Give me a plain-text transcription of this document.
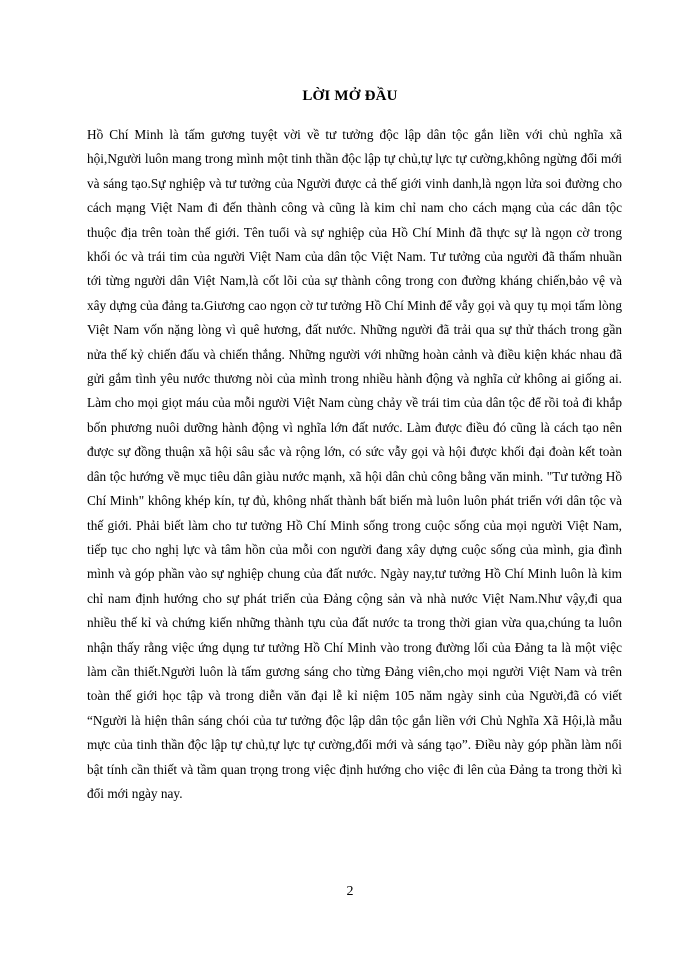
LỜI MỞ ĐẦU

Hồ Chí Minh là tấm gương tuyệt vời về tư tưởng độc lập dân tộc gắn liền với chủ nghĩa xã hội,Người luôn mang trong mình một tinh thần độc lập tự chủ,tự lực tự cường,không ngừng đổi mới và sáng tạo.Sự nghiệp và tư tưởng của Người được cả thế giới vinh danh,là ngọn lửa soi đường cho cách mạng Việt Nam đi đến thành công và cũng là kim chỉ nam cho cách mạng của các dân tộc thuộc địa trên toàn thế giới. Tên tuổi và sự nghiệp của Hồ Chí Minh đã thực sự là ngọn cờ trong khối óc và trái tim của người Việt Nam của dân tộc Việt Nam. Tư tưởng của người đã thấm nhuần tới từng người dân Việt Nam,là cốt lõi của sự thành công trong con đường kháng chiến,bảo vệ và xây dựng của đảng ta.Giương cao ngọn cờ tư tưởng Hồ Chí Minh để vẫy gọi và quy tụ mọi tấm lòng Việt Nam vốn nặng lòng vì quê hương, đất nước. Những người đã trải qua sự thử thách trong gần nửa thế kỷ chiến đấu và chiến thắng. Những người với những hoàn cảnh và điều kiện khác nhau đã gửi gắm tình yêu nước thương nòi của mình trong nhiều hành động và nghĩa cử không ai giống ai. Làm cho mọi giọt máu của mỗi người Việt Nam cùng chảy về trái tim của dân tộc để rồi toả đi khắp bốn phương nuôi dưỡng hành động vì nghĩa lớn đất nước. Làm được điều đó cũng là cách tạo nên được sự đồng thuận xã hội sâu sắc và rộng lớn, có sức vẫy gọi và hội được khối đại đoàn kết toàn dân tộc hướng về mục tiêu dân giàu nước mạnh, xã hội dân chủ công bằng văn minh. "Tư tưởng Hồ Chí Minh" không khép kín, tự đủ, không nhất thành bất biến mà luôn luôn phát triển với dân tộc và thế giới. Phải biết làm cho tư tưởng Hồ Chí Minh sống trong cuộc sống của mọi người Việt Nam, tiếp tục cho nghị lực và tâm hồn của mỗi con người đang xây dựng cuộc sống của mình, gia đình mình và góp phần vào sự nghiệp chung của đất nước. Ngày nay,tư tưởng Hồ Chí Minh luôn là kim chỉ nam định hướng cho sự phát triển của Đảng cộng sản và nhà nước Việt Nam.Như vậy,đi qua nhiều thế kỉ và chứng kiến những thành tựu của đất nước ta trong thời gian vừa qua,chúng ta luôn nhận thấy rằng việc ứng dụng tư tưởng Hồ Chí Minh vào trong đường lối của Đảng ta là một việc làm cần thiết.Người luôn là tấm gương sáng cho từng Đảng viên,cho mọi người Việt Nam và trên toàn thế giới học tập và trong diễn văn đại lễ kỉ niệm 105 năm ngày sinh của Người,đã có viết “Người là hiện thân sáng chói của tư tưởng độc lập dân tộc gắn liền với Chủ Nghĩa Xã Hội,là mẫu mực của tinh thần độc lập tự chủ,tự lực tự cường,đổi mới và sáng tạo”. Điều này góp phần làm nổi bật tính cần thiết và tầm quan trọng trong việc định hướng cho việc đi lên của Đảng ta trong thời kì đổi mới ngày nay.

2
